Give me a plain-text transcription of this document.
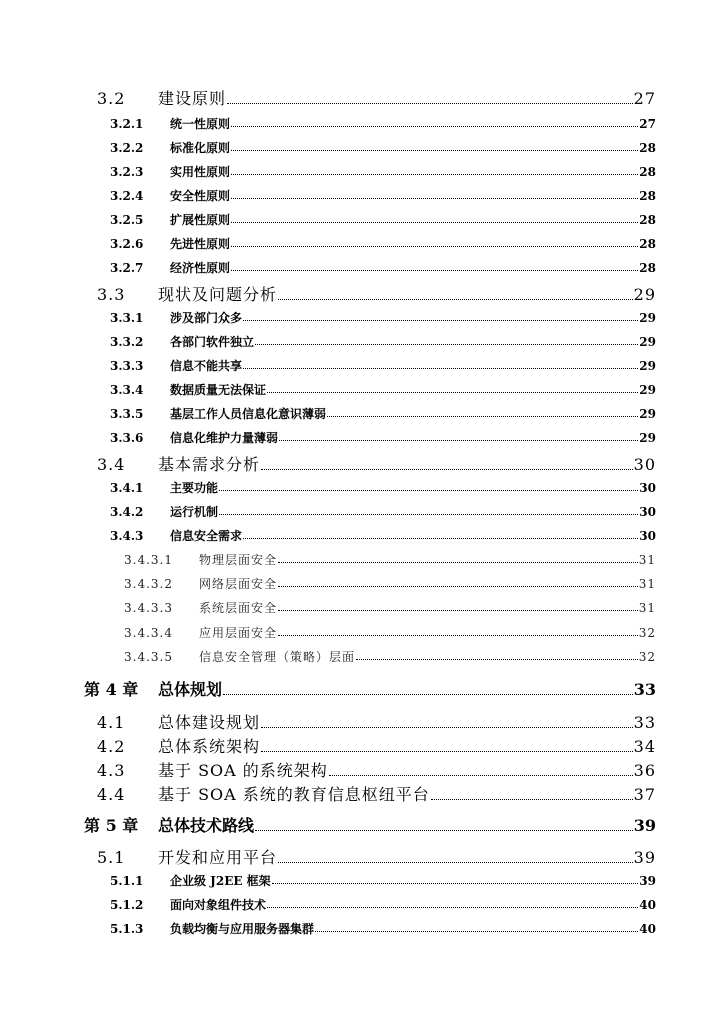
3.2	建设原则	27
3.2.1	统一性原则	27
3.2.2	标准化原则	28
3.2.3	实用性原则	28
3.2.4	安全性原则	28
3.2.5	扩展性原则	28
3.2.6	先进性原则	28
3.2.7	经济性原则	28
3.3	现状及问题分析	29
3.3.1	涉及部门众多	29
3.3.2	各部门软件独立	29
3.3.3	信息不能共享	29
3.3.4	数据质量无法保证	29
3.3.5	基层工作人员信息化意识薄弱	29
3.3.6	信息化维护力量薄弱	29
3.4	基本需求分析	30
3.4.1	主要功能	30
3.4.2	运行机制	30
3.4.3	信息安全需求	30
3.4.3.1	物理层面安全	31
3.4.3.2	网络层面安全	31
3.4.3.3	系统层面安全	31
3.4.3.4	应用层面安全	32
3.4.3.5	信息安全管理（策略）层面	32
第 4 章	总体规划	33
4.1	总体建设规划	33
4.2	总体系统架构	34
4.3	基于 SOA 的系统架构	36
4.4	基于 SOA 系统的教育信息枢纽平台	37
第 5 章	总体技术路线	39
5.1	开发和应用平台	39
5.1.1	企业级 J2EE 框架	39
5.1.2	面向对象组件技术	40
5.1.3	负载均衡与应用服务器集群	40
